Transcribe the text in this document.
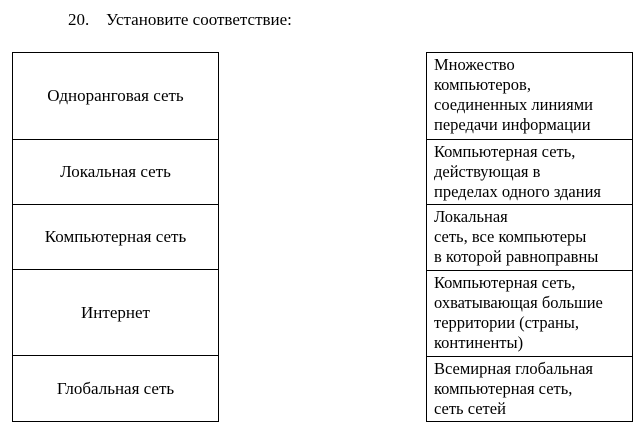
20. Установите соответствие:
Одноранговая сеть
Локальная сеть
Компьютерная сеть
Интернет
Глобальная сеть
Множество
компьютеров,
соединенных линиями
передачи информации
Компьютерная сеть,
действующая в
пределах одного здания
Локальная
сеть, все компьютеры
в которой равноправны
Компьютерная сеть,
охватывающая большие
территории (страны,
континенты)
Всемирная глобальная
компьютерная сеть,
сеть сетей
